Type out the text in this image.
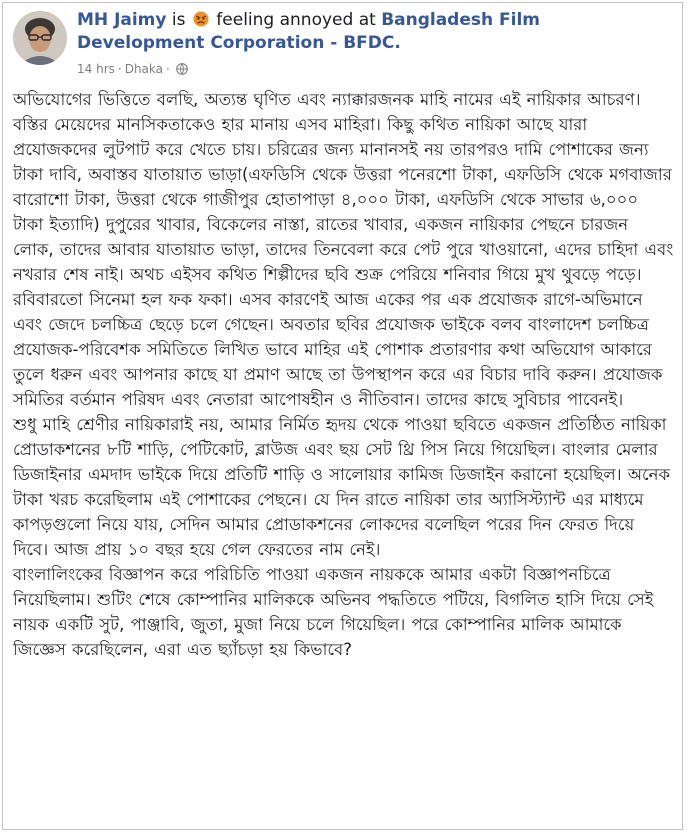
MH Jaimy is feeling annoyed at Bangladesh Film Development Corporation - BFDC.
14 hrs · Dhaka ·

অভিযোগের ভিত্তিতে বলছি, অত্যন্ত ঘৃণিত এবং ন্যাক্কারজনক মাহি নামের এই নায়িকার আচরণ।

বস্তির মেয়েদের মানসিকতাকেও হার মানায় এসব মাহিরা। কিছু কথিত নায়িকা আছে যারা প্রযোজকদের লুটপাট করে খেতে চায়। চরিত্রের জন্য মানানসই নয় তারপরও দামি পোশাকের জন্য টাকা দাবি, অবাস্তব যাতায়াত ভাড়া(এফডিসি থেকে উত্তরা পনেরশো টাকা, এফডিসি থেকে মগবাজার বারোশো টাকা, উত্তরা থেকে গাজীপুর হোতাপাড়া ৪,০০০ টাকা, এফডিসি থেকে সাভার ৬,০০০ টাকা ইত্যাদি) দুপুরের খাবার, বিকেলের নাস্তা, রাতের খাবার, একজন নায়িকার পেছনে চারজন লোক, তাদের আবার যাতায়াত ভাড়া, তাদের তিনবেলা করে পেট পুরে খাওয়ানো, এদের চাহিদা এবং নখরার শেষ নাই। অথচ এইসব কথিত শিল্পীদের ছবি শুক্র পেরিয়ে শনিবার গিয়ে মুখ থুবড়ে পড়ে। রবিবারতো সিনেমা হল ফক ফকা। এসব কারণেই আজ একের পর এক প্রযোজক রাগে-অভিমানে এবং জেদে চলচ্চিত্র ছেড়ে চলে গেছেন। অবতার ছবির প্রযোজক ভাইকে বলব বাংলাদেশ চলচ্চিত্র প্রযোজক-পরিবেশক সমিতিতে লিখিত ভাবে মাহির এই পোশাক প্রতারণার কথা অভিযোগ আকারে তুলে ধরুন এবং আপনার কাছে যা প্রমাণ আছে তা উপস্থাপন করে এর বিচার দাবি করুন। প্রযোজক সমিতির বর্তমান পরিষদ এবং নেতারা আপোষহীন ও নীতিবান। তাদের কাছে সুবিচার পাবেনই।

শুধু মাহি শ্রেণীর নায়িকারাই নয়, আমার নির্মিত হৃদয় থেকে পাওয়া ছবিতে একজন প্রতিষ্ঠিত নায়িকা প্রোডাকশনের ৮টি শাড়ি, পেটিকোট, ব্লাউজ এবং ছয় সেট থ্রি পিস নিয়ে গিয়েছিল। বাংলার মেলার ডিজাইনার এমদাদ ভাইকে দিয়ে প্রতিটি শাড়ি ও সালোয়ার কামিজ ডিজাইন করানো হয়েছিল। অনেক টাকা খরচ করেছিলাম এই পোশাকের পেছনে। যে দিন রাতে নায়িকা তার অ্যাসিস্ট্যান্ট এর মাধ্যমে কাপড়গুলো নিয়ে যায়, সেদিন আমার প্রোডাকশনের লোকদের বলেছিল পরের দিন ফেরত দিয়ে দিবে। আজ প্রায় ১০ বছর হয়ে গেল ফেরতের নাম নেই।

বাংলালিংকের বিজ্ঞাপন করে পরিচিতি পাওয়া একজন নায়ককে আমার একটা বিজ্ঞাপনচিত্রে নিয়েছিলাম। শুটিং শেষে কোম্পানির মালিককে অভিনব পদ্ধতিতে পটিয়ে, বিগলিত হাসি দিয়ে সেই নায়ক একটি সুট, পাঞ্জাবি, জুতা, মুজা নিয়ে চলে গিয়েছিল। পরে কোম্পানির মালিক আমাকে জিজ্ঞেস করেছিলেন, এরা এত ছ্যাঁচড়া হয় কিভাবে?
